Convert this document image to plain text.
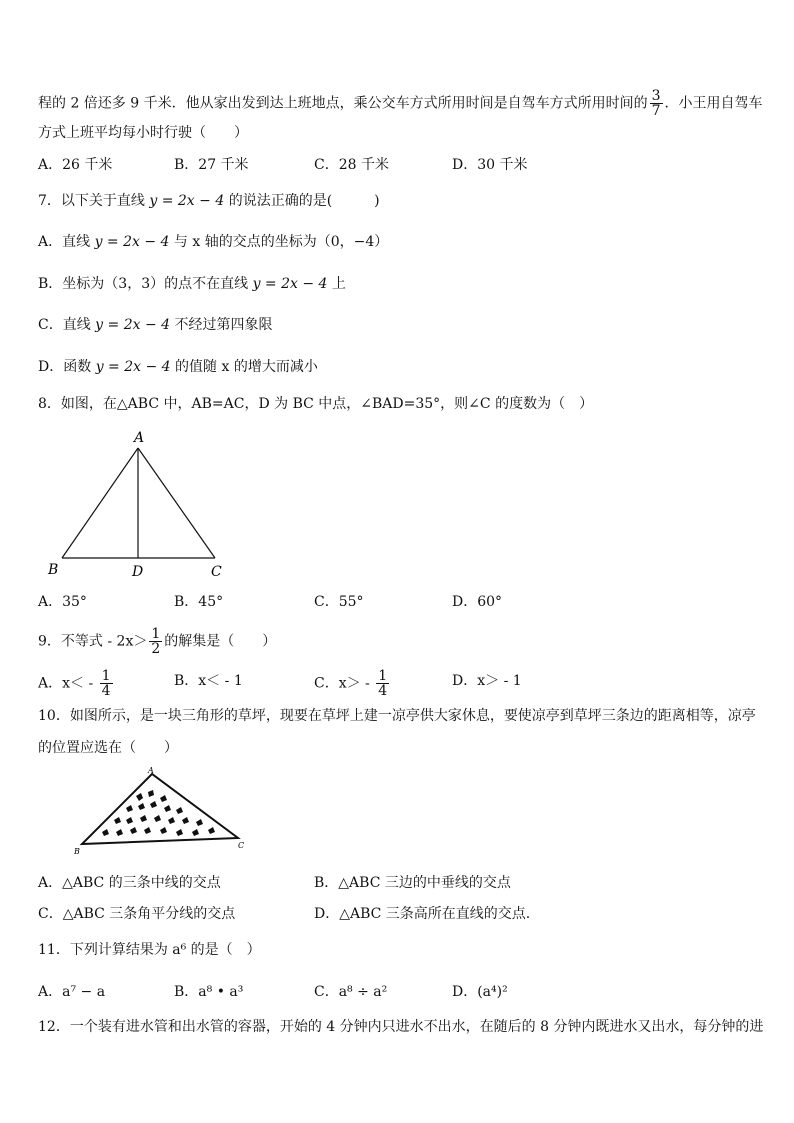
程的 2 倍还多 9 千米．他从家出发到达上班地点，乘公交车方式所用时间是自驾车方式所用时间的 $\frac{3}{7}$ ．小王用自驾车
方式上班平均每小时行驶（　　）
A．26 千米	B．27 千米	C．28 千米	D．30 千米
7．以下关于直线 y = 2x − 4 的说法正确的是(　　　)
A．直线 y = 2x − 4 与 x 轴的交点的坐标为（0，−4）
B．坐标为（3，3）的点不在直线 y = 2x − 4 上
C．直线 y = 2x − 4 不经过第四象限
D．函数 y = 2x − 4 的值随 x 的增大而减小
8．如图，在△ABC 中，AB=AC，D 为 BC 中点，∠BAD=35°，则∠C 的度数为（　）
A
B	D	C
A．35°	B．45°	C．55°	D．60°
9．不等式 - $2x> \frac{1}{2}$ 的解集是（　　）
A．$x< - \frac{1}{4}$	B．x＜ - 1	C．$x> - \frac{1}{4}$	D．x＞ - 1
10．如图所示，是一块三角形的草坪，现要在草坪上建一凉亭供大家休息，要使凉亭到草坪三条边的距离相等，凉亭
的位置应选在（　　）
A
B
C
A．△ABC 的三条中线的交点	B．△ABC 三边的中垂线的交点
C．△ABC 三条角平分线的交点	D．△ABC 三条高所在直线的交点.
11．下列计算结果为 a⁶ 的是（　）
A．a⁷ − a	B．a⁸ • a³	C．a⁸ ÷ a²	D．(a⁴)²
12．一个装有进水管和出水管的容器，开始的 4 分钟内只进水不出水，在随后的 8 分钟内既进水又出水，每分钟的进
